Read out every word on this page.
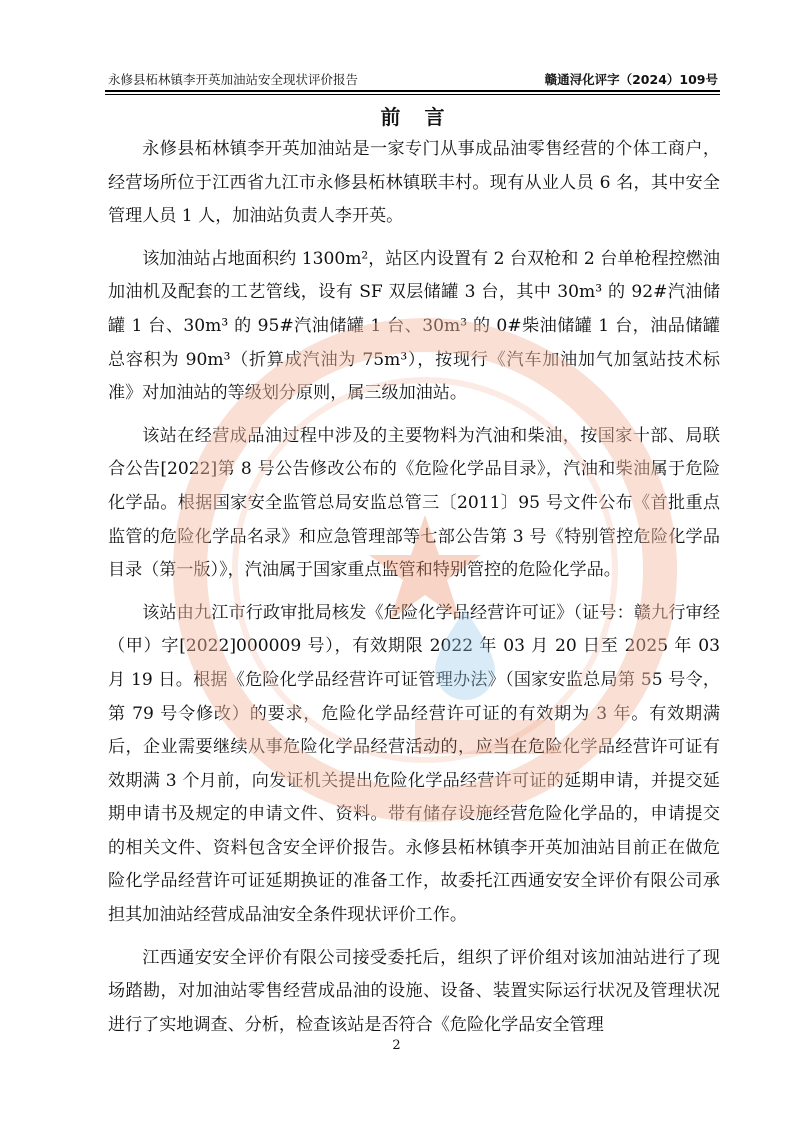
永修县柘林镇李开英加油站安全现状评价报告	赣通浔化评字（2024）109号
前言

永修县柘林镇李开英加油站是一家专门从事成品油零售经营的个体工商户，经营场所位于江西省九江市永修县柘林镇联丰村。现有从业人员 6 名，其中安全管理人员 1 人，加油站负责人李开英。

该加油站占地面积约 1300m²，站区内设置有 2 台双枪和 2 台单枪程控燃油加油机及配套的工艺管线，设有 SF 双层储罐 3 台，其中 30m³ 的 92#汽油储罐 1 台、30m³ 的 95#汽油储罐 1 台、30m³ 的 0#柴油储罐 1 台，油品储罐总容积为 90m³（折算成汽油为 75m³），按现行《汽车加油加气加氢站技术标准》对加油站的等级划分原则，属三级加油站。

该站在经营成品油过程中涉及的主要物料为汽油和柴油，按国家十部、局联合公告[2022]第 8 号公告修改公布的《危险化学品目录》，汽油和柴油属于危险化学品。根据国家安全监管总局安监总管三〔2011〕95 号文件公布《首批重点监管的危险化学品名录》和应急管理部等七部公告第 3 号《特别管控危险化学品目录（第一版）》，汽油属于国家重点监管和特别管控的危险化学品。

该站由九江市行政审批局核发《危险化学品经营许可证》（证号：赣九行审经（甲）字[2022]000009 号），有效期限 2022 年 03 月 20 日至 2025 年 03 月 19 日。根据《危险化学品经营许可证管理办法》（国家安监总局第 55 号令，第 79 号令修改）的要求，危险化学品经营许可证的有效期为 3 年。有效期满后，企业需要继续从事危险化学品经营活动的，应当在危险化学品经营许可证有效期满 3 个月前，向发证机关提出危险化学品经营许可证的延期申请，并提交延期申请书及规定的申请文件、资料。带有储存设施经营危险化学品的，申请提交的相关文件、资料包含安全评价报告。永修县柘林镇李开英加油站目前正在做危险化学品经营许可证延期换证的准备工作，故委托江西通安安全评价有限公司承担其加油站经营成品油安全条件现状评价工作。

江西通安安全评价有限公司接受委托后，组织了评价组对该加油站进行了现场踏勘，对加油站零售经营成品油的设施、设备、装置实际运行状况及管理状况进行了实地调查、分析，检查该站是否符合《危险化学品安全管理

2
